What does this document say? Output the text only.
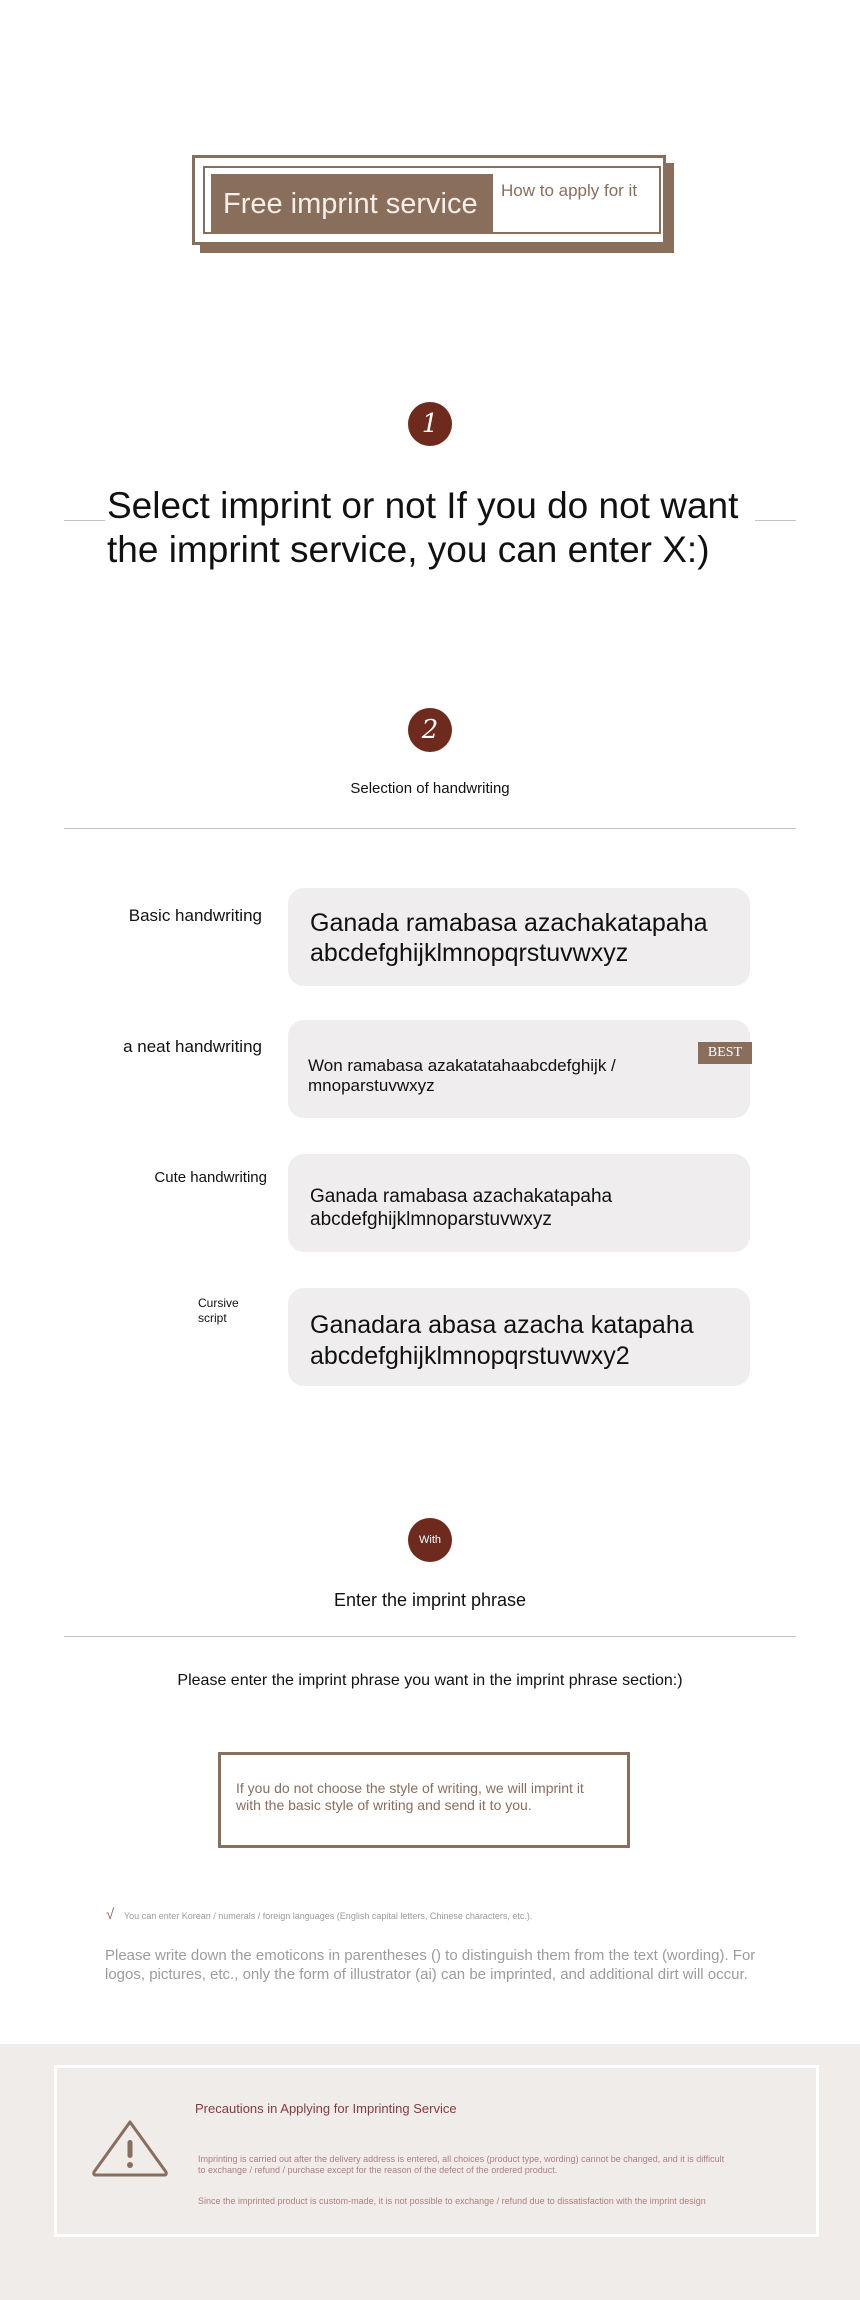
Free imprint service	How to apply for it
1
Select imprint or not If you do not want the imprint service, you can enter X:)
2
Selection of handwriting
Basic handwriting Ganada ramabasa azachakatapaha
abcdefghijklmnopqrstuvwxyz
a neat handwriting
Won ramabasa azakatatahaabcdefghijk /
mnoparstuvwxyz
BEST
Cute handwriting
Ganada ramabasa azachakatapaha
abcdefghijklmnoparstuvwxyz
Cursive script	Ganadara abasa azacha katapaha
abcdefghijklmnopqrstuvwxy2
With
Enter the imprint phrase
Please enter the imprint phrase you want in the imprint phrase section:)
If you do not choose the style of writing, we will imprint it with the basic style of writing and send it to you.
√ You can enter Korean / numerals / foreign languages (English capital letters, Chinese characters, etc.).
Please write down the emoticons in parentheses () to distinguish them from the text (wording). For logos, pictures, etc., only the form of illustrator (ai) can be imprinted, and additional dirt will occur.
Precautions in Applying for Imprinting Service
Imprinting is carried out after the delivery address is entered, all choices (product type, wording) cannot be changed, and it is difficult to exchange / refund / purchase except for the reason of the defect of the ordered product.
Since the imprinted product is custom-made, it is not possible to exchange / refund due to dissatisfaction with the imprint design
